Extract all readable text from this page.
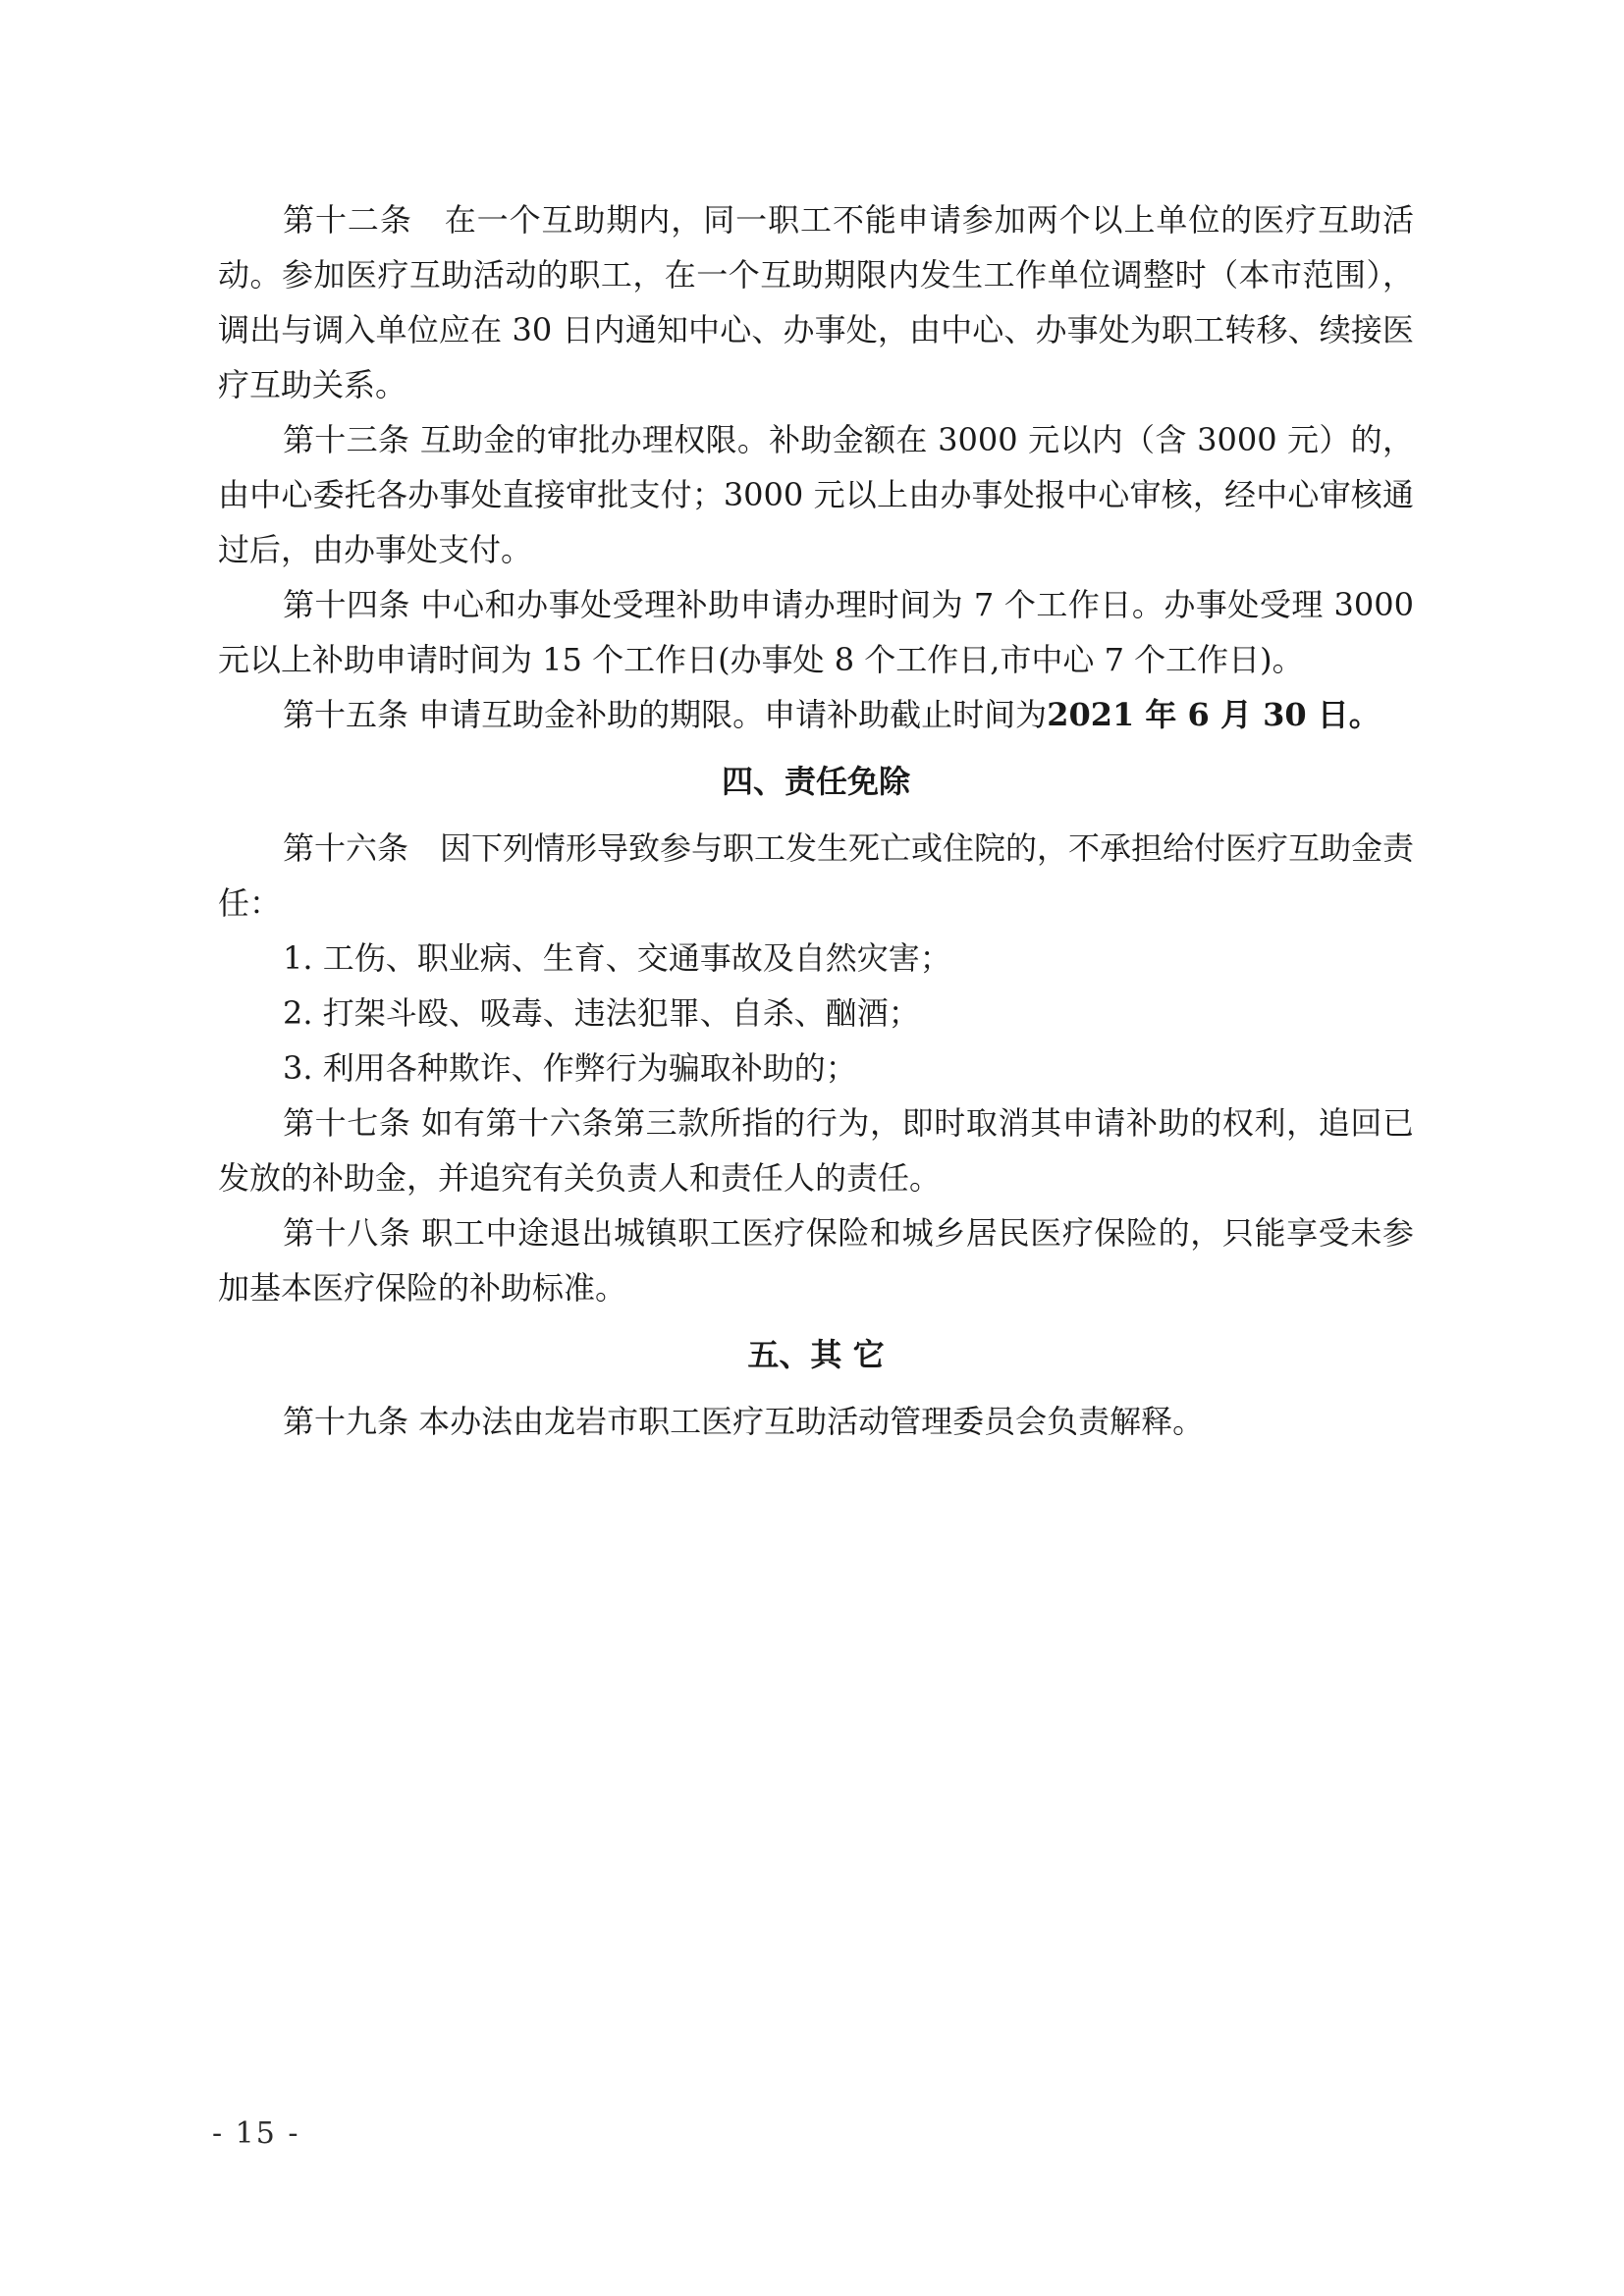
第十二条　在一个互助期内，同一职工不能申请参加两个以上单位的医疗互助活动。参加医疗互助活动的职工，在一个互助期限内发生工作单位调整时（本市范围），调出与调入单位应在 30 日内通知中心、办事处，由中心、办事处为职工转移、续接医疗互助关系。

第十三条 互助金的审批办理权限。补助金额在 3000 元以内（含 3000 元）的，由中心委托各办事处直接审批支付；3000 元以上由办事处报中心审核，经中心审核通过后，由办事处支付。

第十四条 中心和办事处受理补助申请办理时间为 7 个工作日。办事处受理 3000 元以上补助申请时间为 15 个工作日(办事处 8 个工作日,市中心 7 个工作日)。

第十五条 申请互助金补助的期限。申请补助截止时间为2021 年 6 月 30 日。

四、责任免除

第十六条　因下列情形导致参与职工发生死亡或住院的，不承担给付医疗互助金责任：

1. 工伤、职业病、生育、交通事故及自然灾害；

2. 打架斗殴、吸毒、违法犯罪、自杀、酗酒；

3. 利用各种欺诈、作弊行为骗取补助的；

第十七条 如有第十六条第三款所指的行为，即时取消其申请补助的权利，追回已发放的补助金，并追究有关负责人和责任人的责任。

第十八条 职工中途退出城镇职工医疗保险和城乡居民医疗保险的，只能享受未参加基本医疗保险的补助标准。

五、其 它

第十九条 本办法由龙岩市职工医疗互助活动管理委员会负责解释。

- 15 -
